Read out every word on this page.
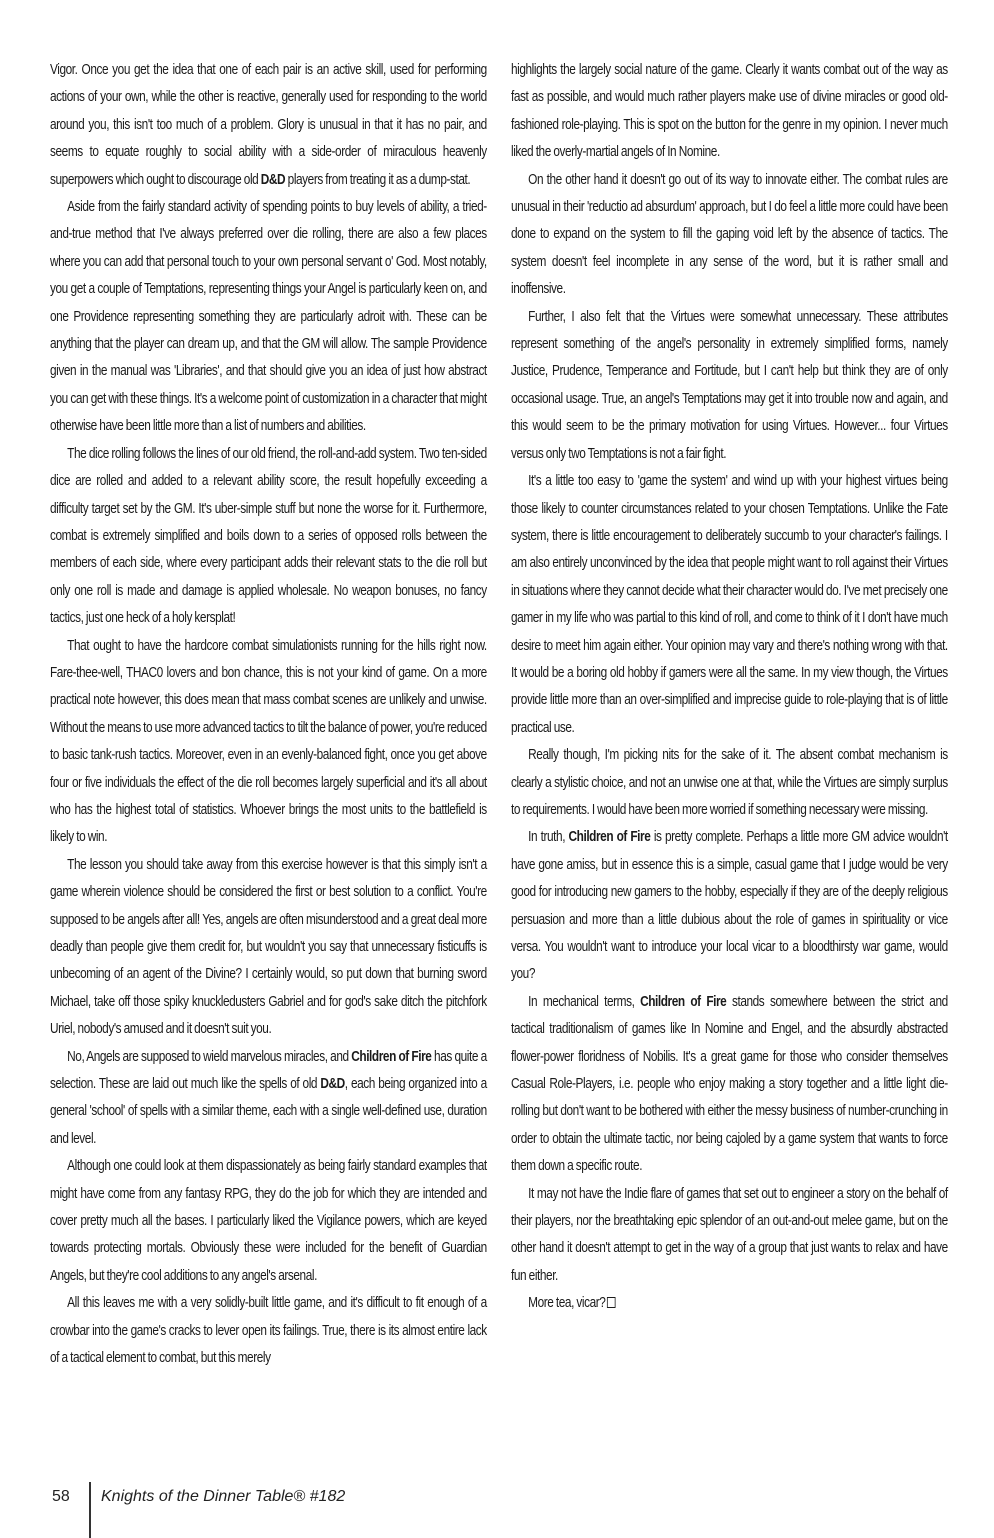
Vigor. Once you get the idea that one of each pair is an active skill, used for performing actions of your own, while the other is reactive, generally used for responding to the world around you, this isn't too much of a problem. Glory is unusual in that it has no pair, and seems to equate roughly to social ability with a side-order of miraculous heavenly superpowers which ought to discourage old D&D players from treating it as a dump-stat.

Aside from the fairly standard activity of spending points to buy levels of ability, a tried-and-true method that I've always preferred over die rolling, there are also a few places where you can add that personal touch to your own personal servant o' God. Most notably, you get a couple of Temptations, representing things your Angel is particularly keen on, and one Providence representing something they are particularly adroit with. These can be anything that the player can dream up, and that the GM will allow. The sample Providence given in the manual was 'Libraries', and that should give you an idea of just how abstract you can get with these things. It's a welcome point of customization in a character that might otherwise have been little more than a list of numbers and abilities.

The dice rolling follows the lines of our old friend, the roll-and-add system. Two ten-sided dice are rolled and added to a relevant ability score, the result hopefully exceeding a difficulty target set by the GM. It's uber-simple stuff but none the worse for it. Furthermore, combat is extremely simplified and boils down to a series of opposed rolls between the members of each side, where every participant adds their relevant stats to the die roll but only one roll is made and damage is applied wholesale. No weapon bonuses, no fancy tactics, just one heck of a holy kersplat!

That ought to have the hardcore combat simulationists running for the hills right now. Fare-thee-well, THAC0 lovers and bon chance, this is not your kind of game. On a more practical note however, this does mean that mass combat scenes are unlikely and unwise. Without the means to use more advanced tactics to tilt the balance of power, you're reduced to basic tank-rush tactics. Moreover, even in an evenly-balanced fight, once you get above four or five individuals the effect of the die roll becomes largely superficial and it's all about who has the highest total of statistics. Whoever brings the most units to the battlefield is likely to win.

The lesson you should take away from this exercise however is that this simply isn't a game wherein violence should be considered the first or best solution to a conflict. You're supposed to be angels after all! Yes, angels are often misunderstood and a great deal more deadly than people give them credit for, but wouldn't you say that unnecessary fisticuffs is unbecoming of an agent of the Divine? I certainly would, so put down that burning sword Michael, take off those spiky knuckledusters Gabriel and for god's sake ditch the pitchfork Uriel, nobody's amused and it doesn't suit you.

No, Angels are supposed to wield marvelous miracles, and Children of Fire has quite a selection. These are laid out much like the spells of old D&D, each being organized into a general 'school' of spells with a similar theme, each with a single well-defined use, duration and level.

Although one could look at them dispassionately as being fairly standard examples that might have come from any fantasy RPG, they do the job for which they are intended and cover pretty much all the bases. I particularly liked the Vigilance powers, which are keyed towards protecting mortals. Obviously these were included for the benefit of Guardian Angels, but they're cool additions to any angel's arsenal.

All this leaves me with a very solidly-built little game, and it's difficult to fit enough of a crowbar into the game's cracks to lever open its failings. True, there is its almost entire lack of a tactical element to combat, but this merely

highlights the largely social nature of the game. Clearly it wants combat out of the way as fast as possible, and would much rather players make use of divine miracles or good old-fashioned role-playing. This is spot on the button for the genre in my opinion. I never much liked the overly-martial angels of In Nomine.

On the other hand it doesn't go out of its way to innovate either. The combat rules are unusual in their 'reductio ad absurdum' approach, but I do feel a little more could have been done to expand on the system to fill the gaping void left by the absence of tactics. The system doesn't feel incomplete in any sense of the word, but it is rather small and inoffensive.

Further, I also felt that the Virtues were somewhat unnecessary. These attributes represent something of the angel's personality in extremely simplified forms, namely Justice, Prudence, Temperance and Fortitude, but I can't help but think they are of only occasional usage. True, an angel's Temptations may get it into trouble now and again, and this would seem to be the primary motivation for using Virtues. However... four Virtues versus only two Temptations is not a fair fight.

It's a little too easy to 'game the system' and wind up with your highest virtues being those likely to counter circumstances related to your chosen Temptations. Unlike the Fate system, there is little encouragement to deliberately succumb to your character's failings. I am also entirely unconvinced by the idea that people might want to roll against their Virtues in situations where they cannot decide what their character would do. I've met precisely one gamer in my life who was partial to this kind of roll, and come to think of it I don't have much desire to meet him again either. Your opinion may vary and there's nothing wrong with that. It would be a boring old hobby if gamers were all the same. In my view though, the Virtues provide little more than an over-simplified and imprecise guide to role-playing that is of little practical use.

Really though, I'm picking nits for the sake of it. The absent combat mechanism is clearly a stylistic choice, and not an unwise one at that, while the Virtues are simply surplus to requirements. I would have been more worried if something necessary were missing.

In truth, Children of Fire is pretty complete. Perhaps a little more GM advice wouldn't have gone amiss, but in essence this is a simple, casual game that I judge would be very good for introducing new gamers to the hobby, especially if they are of the deeply religious persuasion and more than a little dubious about the role of games in spirituality or vice versa. You wouldn't want to introduce your local vicar to a bloodthirsty war game, would you?

In mechanical terms, Children of Fire stands somewhere between the strict and tactical traditionalism of games like In Nomine and Engel, and the absurdly abstracted flower-power floridness of Nobilis. It's a great game for those who consider themselves Casual Role-Players, i.e. people who enjoy making a story together and a little light die-rolling but don't want to be bothered with either the messy business of number-crunching in order to obtain the ultimate tactic, nor being cajoled by a game system that wants to force them down a specific route.

It may not have the Indie flare of games that set out to engineer a story on the behalf of their players, nor the breathtaking epic splendor of an out-and-out melee game, but on the other hand it doesn't attempt to get in the way of a group that just wants to relax and have fun either.

More tea, vicar?

58 Knights of the Dinner Table® #182
